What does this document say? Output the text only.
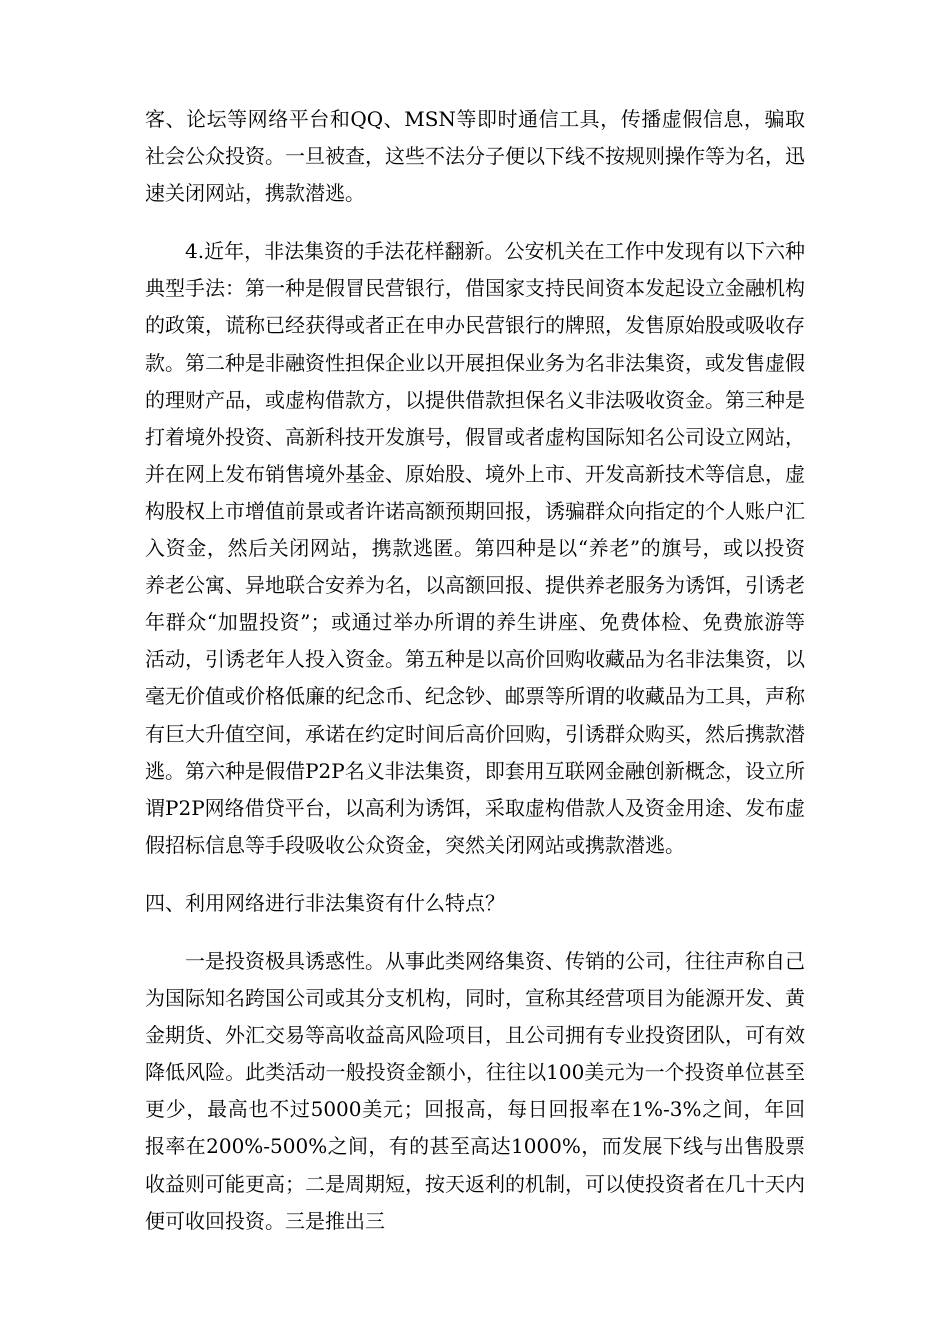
客、论坛等网络平台和QQ、MSN等即时通信工具，传播虚假信息，骗取社会公众投资。一旦被查，这些不法分子便以下线不按规则操作等为名，迅速关闭网站，携款潜逃。

4.近年，非法集资的手法花样翻新。公安机关在工作中发现有以下六种典型手法：第一种是假冒民营银行，借国家支持民间资本发起设立金融机构的政策，谎称已经获得或者正在申办民营银行的牌照，发售原始股或吸收存款。第二种是非融资性担保企业以开展担保业务为名非法集资，或发售虚假的理财产品，或虚构借款方，以提供借款担保名义非法吸收资金。第三种是打着境外投资、高新科技开发旗号，假冒或者虚构国际知名公司设立网站，并在网上发布销售境外基金、原始股、境外上市、开发高新技术等信息，虚构股权上市增值前景或者许诺高额预期回报，诱骗群众向指定的个人账户汇入资金，然后关闭网站，携款逃匿。第四种是以“养老”的旗号，或以投资养老公寓、异地联合安养为名，以高额回报、提供养老服务为诱饵，引诱老年群众“加盟投资”；或通过举办所谓的养生讲座、免费体检、免费旅游等活动，引诱老年人投入资金。第五种是以高价回购收藏品为名非法集资，以毫无价值或价格低廉的纪念币、纪念钞、邮票等所谓的收藏品为工具，声称有巨大升值空间，承诺在约定时间后高价回购，引诱群众购买，然后携款潜逃。第六种是假借P2P名义非法集资，即套用互联网金融创新概念，设立所谓P2P网络借贷平台，以高利为诱饵，采取虚构借款人及资金用途、发布虚假招标信息等手段吸收公众资金，突然关闭网站或携款潜逃。

四、利用网络进行非法集资有什么特点？

一是投资极具诱惑性。从事此类网络集资、传销的公司，往往声称自己为国际知名跨国公司或其分支机构，同时，宣称其经营项目为能源开发、黄金期货、外汇交易等高收益高风险项目，且公司拥有专业投资团队，可有效降低风险。此类活动一般投资金额小，往往以100美元为一个投资单位甚至更少，最高也不过5000美元；回报高，每日回报率在1%-3%之间，年回报率在200%-500%之间，有的甚至高达1000%，而发展下线与出售股票收益则可能更高；二是周期短，按天返利的机制，可以使投资者在几十天内便可收回投资。三是推出三
